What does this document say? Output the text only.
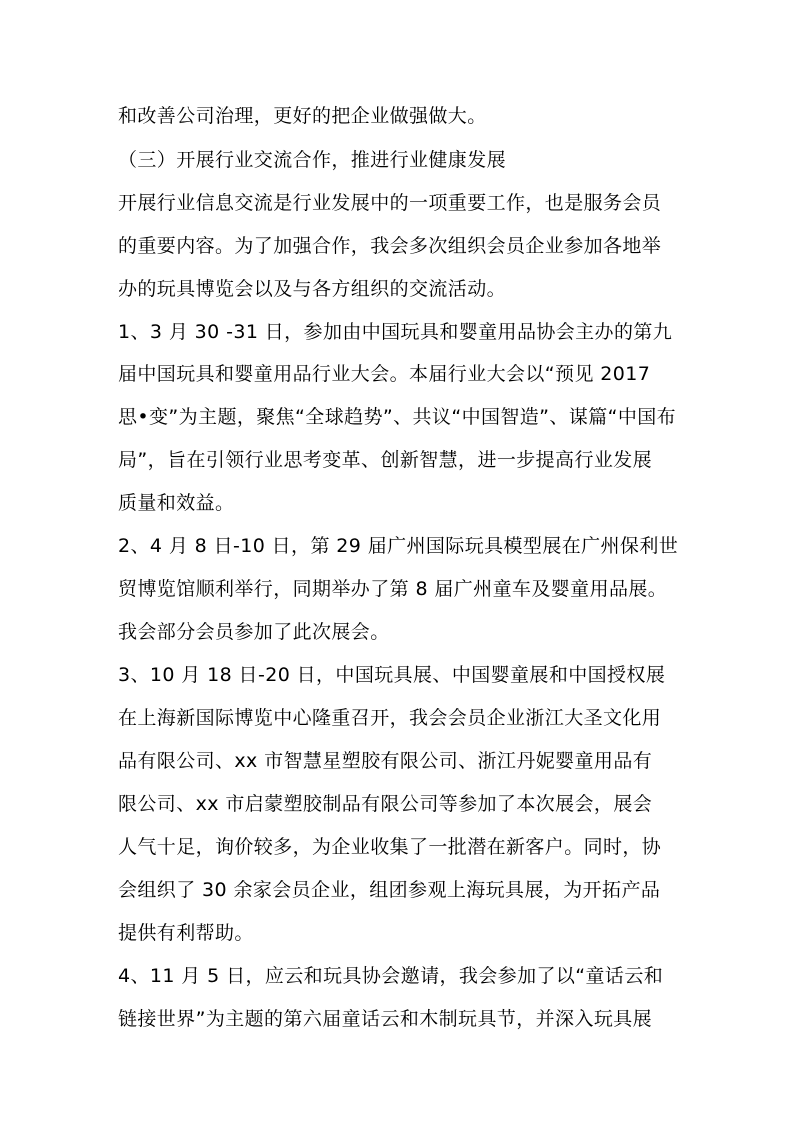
和改善公司治理，更好的把企业做强做大。
（三）开展行业交流合作，推进行业健康发展
开展行业信息交流是行业发展中的一项重要工作，也是服务会员
的重要内容。为了加强合作，我会多次组织会员企业参加各地举
办的玩具博览会以及与各方组织的交流活动。
1、3 月 30 -31 日，参加由中国玩具和婴童用品协会主办的第九
届中国玩具和婴童用品行业大会。本届行业大会以“预见 2017
思•变”为主题，聚焦“全球趋势”、共议“中国智造”、谋篇“中国布
局”，旨在引领行业思考变革、创新智慧，进一步提高行业发展
质量和效益。
2、4 月 8 日-10 日，第 29 届广州国际玩具模型展在广州保利世
贸博览馆顺利举行，同期举办了第 8 届广州童车及婴童用品展。
我会部分会员参加了此次展会。
3、10 月 18 日-20 日，中国玩具展、中国婴童展和中国授权展
在上海新国际博览中心隆重召开，我会会员企业浙江大圣文化用
品有限公司、xx 市智慧星塑胶有限公司、浙江丹妮婴童用品有
限公司、xx 市启蒙塑胶制品有限公司等参加了本次展会，展会
人气十足，询价较多，为企业收集了一批潜在新客户。同时，协
会组织了 30 余家会员企业，组团参观上海玩具展，为开拓产品
提供有利帮助。
4、11 月 5 日，应云和玩具协会邀请，我会参加了以“童话云和
链接世界”为主题的第六届童话云和木制玩具节，并深入玩具展
